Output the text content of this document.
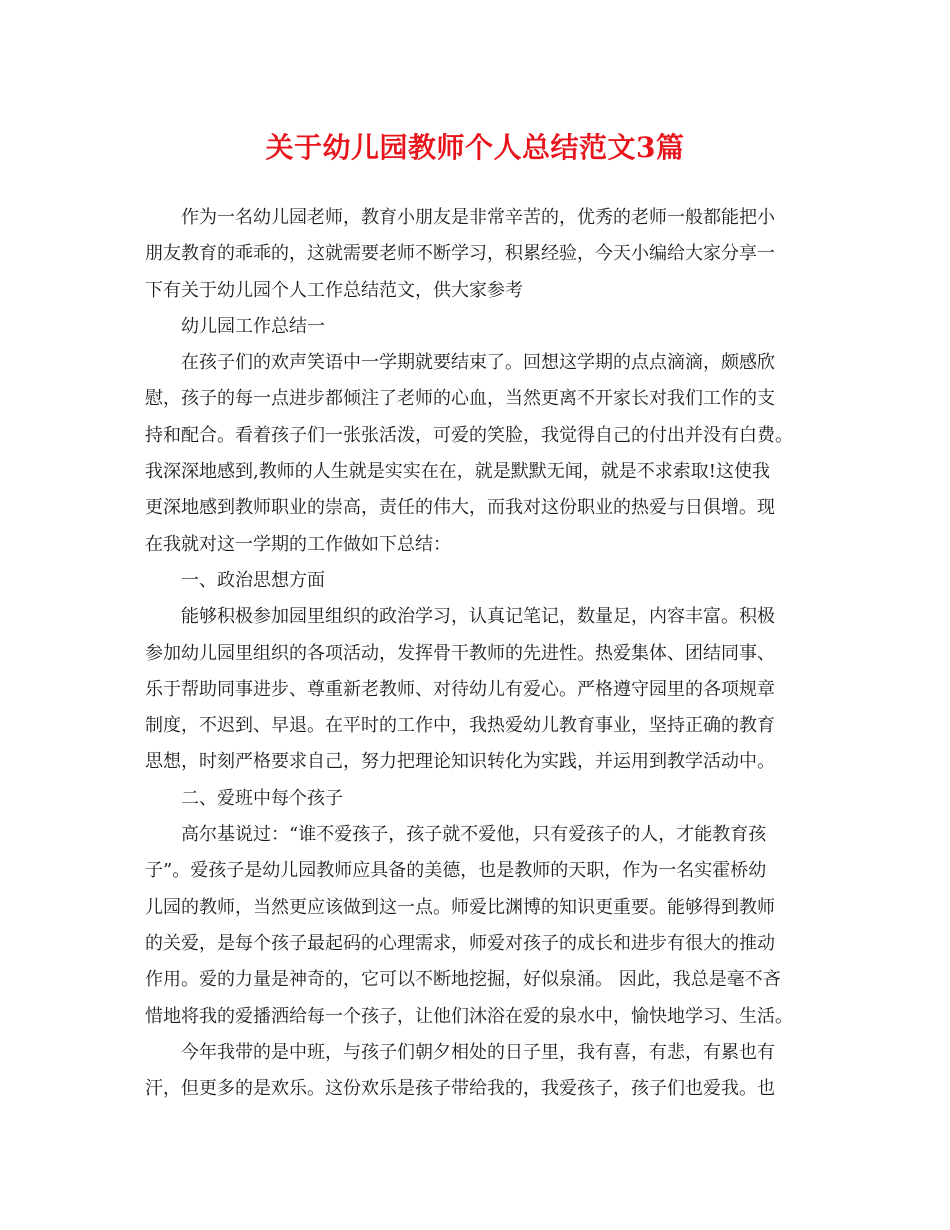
关于幼儿园教师个人总结范文3篇
作为一名幼儿园老师，教育小朋友是非常辛苦的，优秀的老师一般都能把小
朋友教育的乖乖的，这就需要老师不断学习，积累经验，今天小编给大家分享一
下有关于幼儿园个人工作总结范文，供大家参考
幼儿园工作总结一
在孩子们的欢声笑语中一学期就要结束了。回想这学期的点点滴滴，颇感欣
慰，孩子的每一点进步都倾注了老师的心血，当然更离不开家长对我们工作的支
持和配合。看着孩子们一张张活泼，可爱的笑脸，我觉得自己的付出并没有白费。
我深深地感到,教师的人生就是实实在在，就是默默无闻，就是不求索取!这使我
更深地感到教师职业的崇高，责任的伟大，而我对这份职业的热爱与日俱增。现
在我就对这一学期的工作做如下总结：
一、政治思想方面
能够积极参加园里组织的政治学习，认真记笔记，数量足，内容丰富。积极
参加幼儿园里组织的各项活动，发挥骨干教师的先进性。热爱集体、团结同事、
乐于帮助同事进步、尊重新老教师、对待幼儿有爱心。严格遵守园里的各项规章
制度，不迟到、早退。在平时的工作中，我热爱幼儿教育事业，坚持正确的教育
思想，时刻严格要求自己，努力把理论知识转化为实践，并运用到教学活动中。
二、爱班中每个孩子
高尔基说过：“谁不爱孩子，孩子就不爱他，只有爱孩子的人，才能教育孩
子”。爱孩子是幼儿园教师应具备的美德，也是教师的天职，作为一名实霍桥幼
儿园的教师，当然更应该做到这一点。师爱比渊博的知识更重要。能够得到教师
的关爱，是每个孩子最起码的心理需求，师爱对孩子的成长和进步有很大的推动
作用。爱的力量是神奇的，它可以不断地挖掘，好似泉涌。 因此，我总是毫不吝
惜地将我的爱播洒给每一个孩子，让他们沐浴在爱的泉水中，愉快地学习、生活。
今年我带的是中班，与孩子们朝夕相处的日子里，我有喜，有悲，有累也有
汗，但更多的是欢乐。这份欢乐是孩子带给我的，我爱孩子，孩子们也爱我。也
